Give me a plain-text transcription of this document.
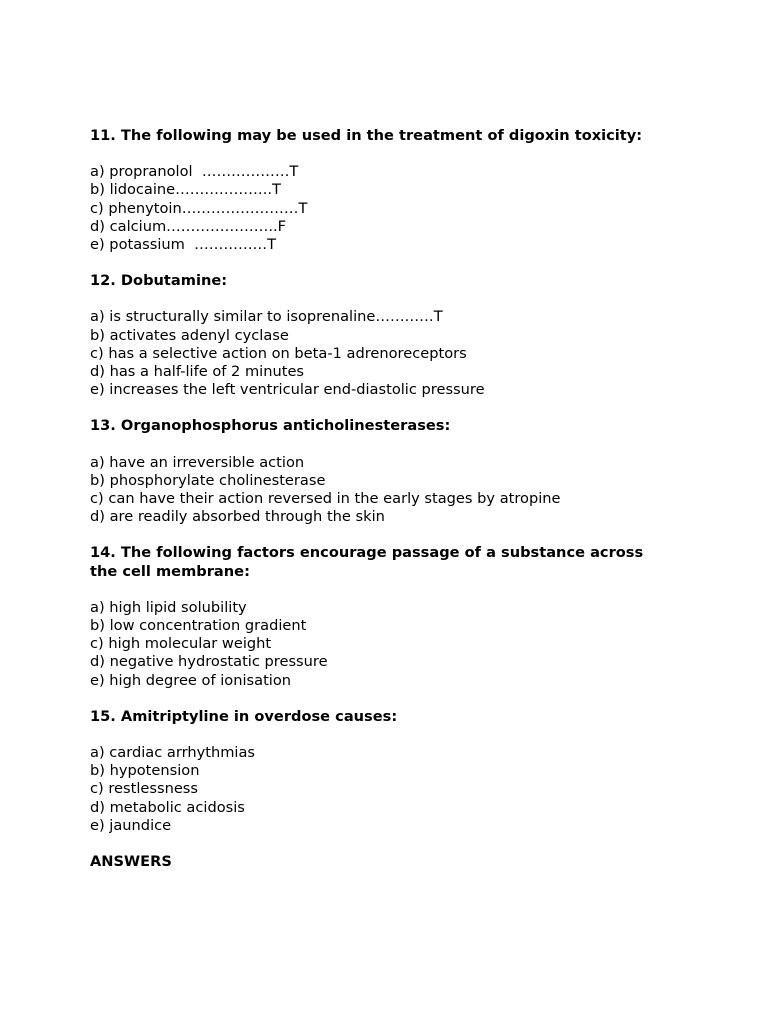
11. The following may be used in the treatment of digoxin toxicity:
a) propranolol  ………………T
b) lidocaine………………..T
c) phenytoin……………………T
d) calcium…………………..F
e) potassium  ……………T
12. Dobutamine:
a) is structurally similar to isoprenaline…………T
b) activates adenyl cyclase
c) has a selective action on beta-1 adrenoreceptors
d) has a half-life of 2 minutes
e) increases the left ventricular end-diastolic pressure
13. Organophosphorus anticholinesterases:
a) have an irreversible action
b) phosphorylate cholinesterase
c) can have their action reversed in the early stages by atropine
d) are readily absorbed through the skin
14. The following factors encourage passage of a substance across
the cell membrane:
a) high lipid solubility
b) low concentration gradient
c) high molecular weight
d) negative hydrostatic pressure
e) high degree of ionisation
15. Amitriptyline in overdose causes:
a) cardiac arrhythmias
b) hypotension
c) restlessness
d) metabolic acidosis
e) jaundice
ANSWERS
